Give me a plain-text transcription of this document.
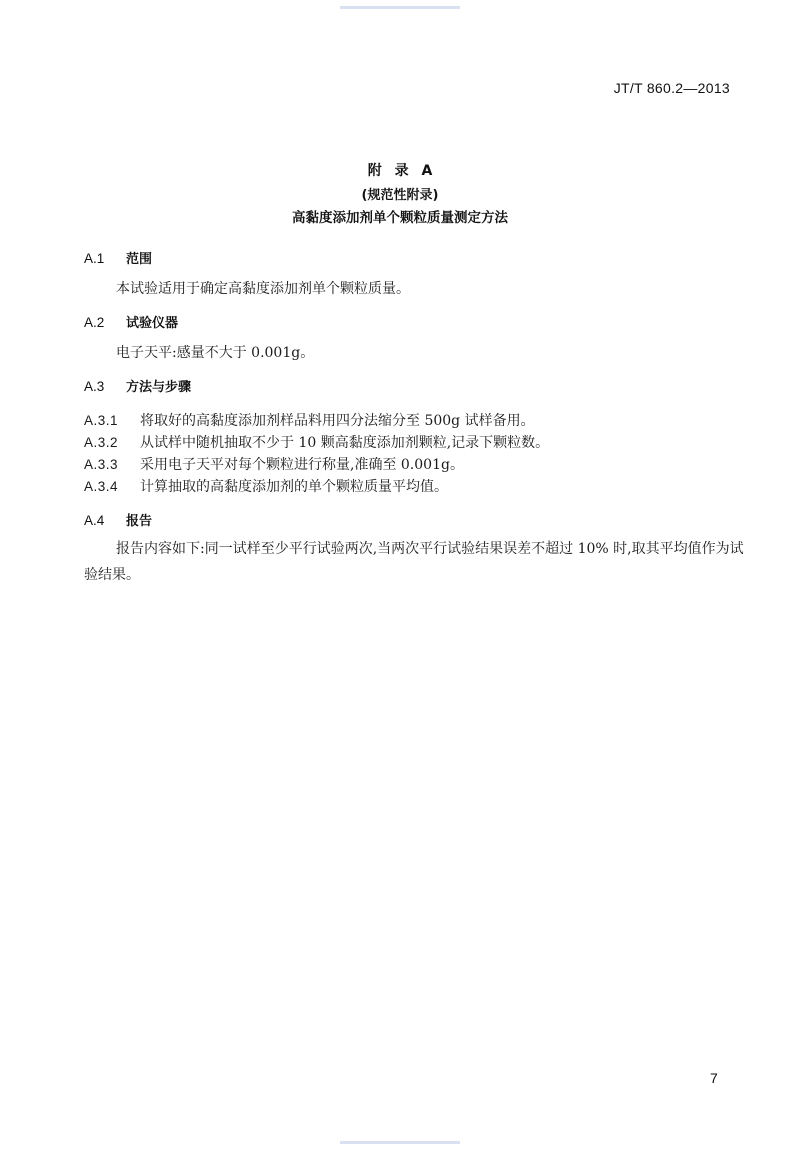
JT/T 860.2—2013
附 录 A
(规范性附录)
高黏度添加剂单个颗粒质量测定方法
A.1 范围
本试验适用于确定高黏度添加剂单个颗粒质量。
A.2 试验仪器
电子天平:感量不大于 0.001g。
A.3 方法与步骤
A.3.1 将取好的高黏度添加剂样品料用四分法缩分至 500g 试样备用。
A.3.2 从试样中随机抽取不少于 10 颗高黏度添加剂颗粒,记录下颗粒数。
A.3.3 采用电子天平对每个颗粒进行称量,准确至 0.001g。
A.3.4 计算抽取的高黏度添加剂的单个颗粒质量平均值。
A.4 报告
报告内容如下:同一试样至少平行试验两次,当两次平行试验结果误差不超过 10% 时,取其平均值作为试验结果。
7
